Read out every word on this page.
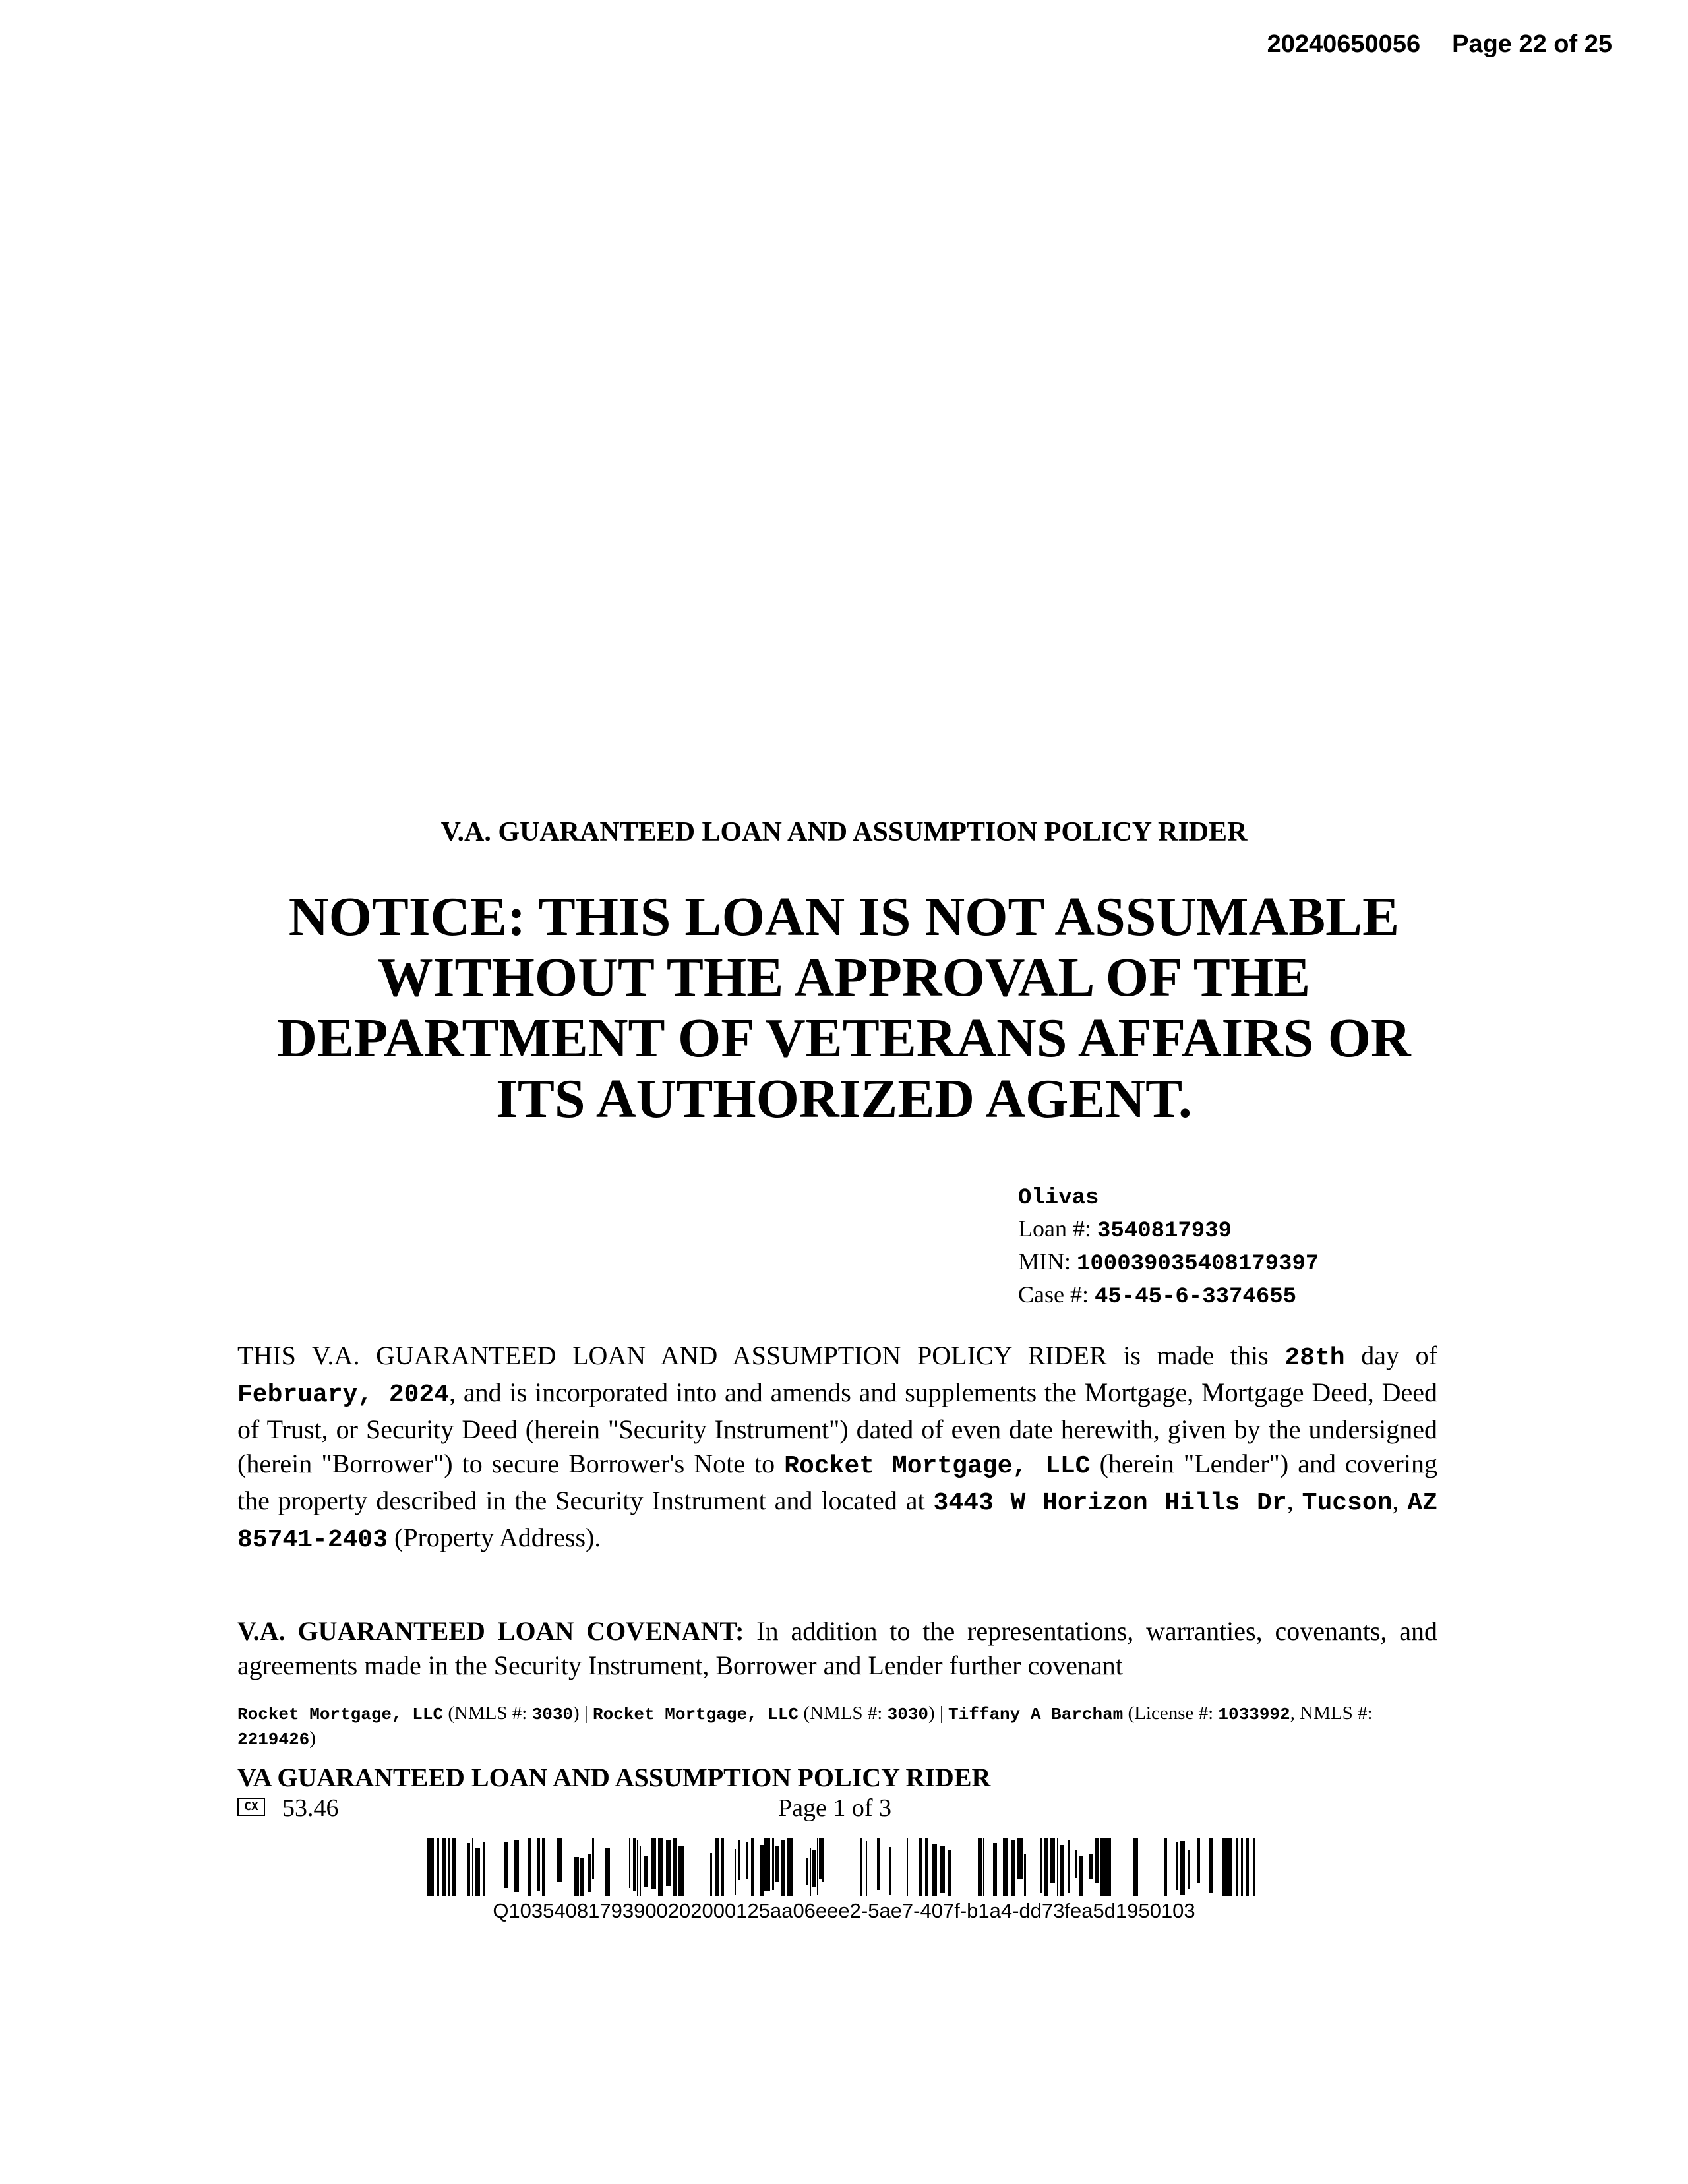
20240650056 Page 22 of 25
V.A. GUARANTEED LOAN AND ASSUMPTION POLICY RIDER
NOTICE: THIS LOAN IS NOT ASSUMABLE
WITHOUT THE APPROVAL OF THE
DEPARTMENT OF VETERANS AFFAIRS OR
ITS AUTHORIZED AGENT.
Olivas
Loan #: 3540817939
MIN: 100039035408179397
Case #: 45-45-6-3374655
THIS V.A. GUARANTEED LOAN AND ASSUMPTION POLICY RIDER is made this 28th day of February, 2024, and is incorporated into and amends and supplements the Mortgage, Mortgage Deed, Deed of Trust, or Security Deed (herein "Security Instrument") dated of even date herewith, given by the undersigned (herein "Borrower") to secure Borrower's Note to Rocket Mortgage, LLC (herein "Lender") and covering the property described in the Security Instrument and located at 3443 W Horizon Hills Dr, Tucson, AZ 85741-2403 (Property Address).
V.A. GUARANTEED LOAN COVENANT: In addition to the representations, warranties, covenants, and agreements made in the Security Instrument, Borrower and Lender further covenant
Rocket Mortgage, LLC (NMLS #: 3030) | Rocket Mortgage, LLC (NMLS #: 3030) | Tiffany A Barcham (License #: 1033992, NMLS #: 2219426)
VA GUARANTEED LOAN AND ASSUMPTION POLICY RIDER
CX 53.46	Page 1 of 3
Q10354081793900202000125aa06eee2-5ae7-407f-b1a4-dd73fea5d1950103
